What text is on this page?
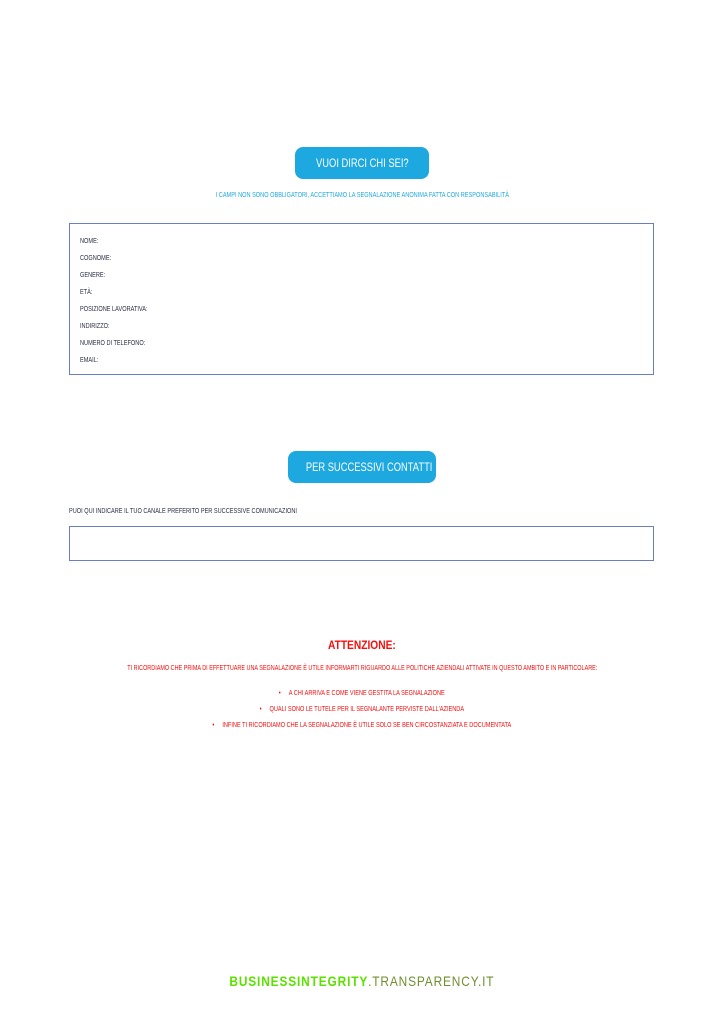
VUOI DIRCI CHI SEI?
I CAMPI NON SONO OBBLIGATORI, ACCETTIAMO LA SEGNALAZIONE ANONIMA FATTA CON RESPONSABILITÀ
NOME:
COGNOME:
GENERE:
ETÀ:
POSIZIONE LAVORATIVA:
INDIRIZZO:
NUMERO DI TELEFONO:
EMAIL:
PER SUCCESSIVI CONTATTI
PUOI QUI INDICARE IL TUO CANALE PREFERITO PER SUCCESSIVE COMUNICAZIONI
ATTENZIONE:
TI RICORDIAMO CHE PRIMA DI EFFETTUARE UNA SEGNALAZIONE È UTILE INFORMARTI RIGUARDO ALLE POLITICHE AZIENDALI ATTIVATE IN QUESTO AMBITO E IN PARTICOLARE:
• A CHI ARRIVA E COME VIENE GESTITA LA SEGNALAZIONE
• QUALI SONO LE TUTELE PER IL SEGNALANTE PERVISTE DALL'AZIENDA
• INFINE TI RICORDIAMO CHE LA SEGNALAZIONE È UTILE SOLO SE BEN CIRCOSTANZIATA E DOCUMENTATA
BUSINESSINTEGRITY.TRANSPARENCY.IT
